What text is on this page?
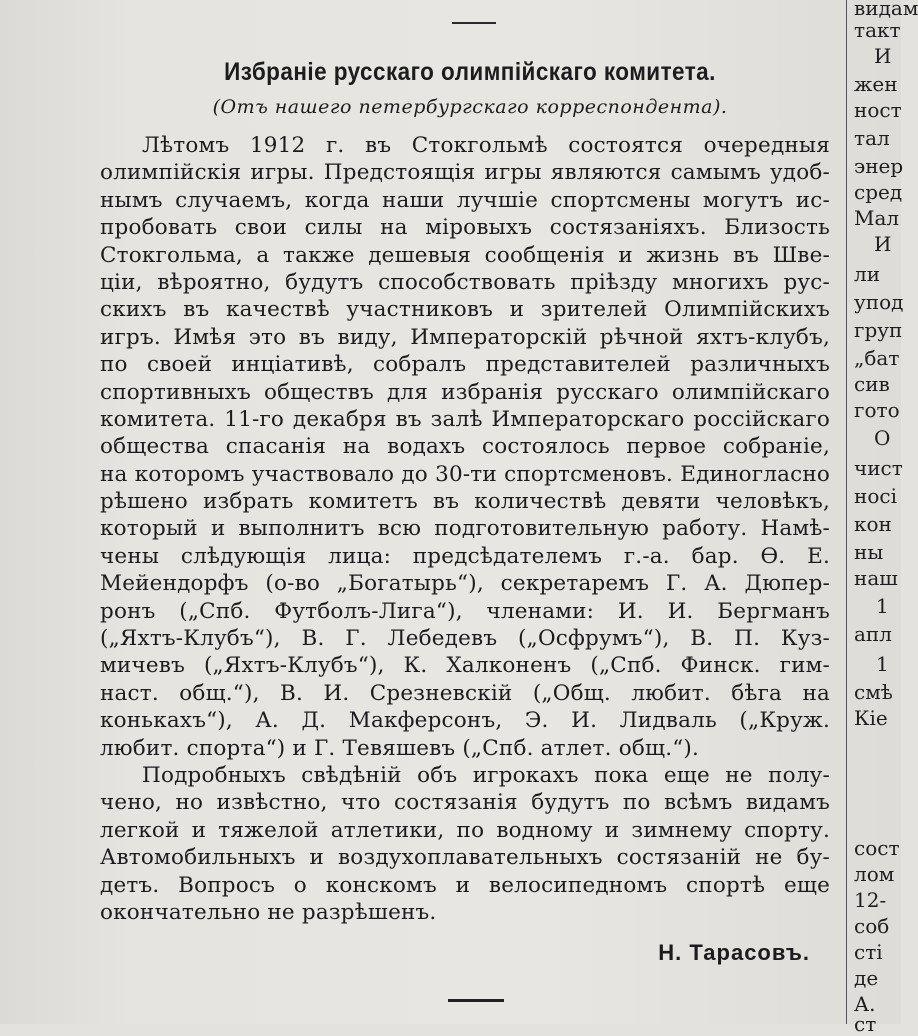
Избраніе русскаго олимпійскаго комитета.
(Отъ нашего петербургскаго корреспондента).
Лѣтомъ 1912 г. въ Стокгольмѣ состоятся очередныя
олимпійскія игры. Предстоящія игры являются самымъ удоб-
нымъ случаемъ, когда наши лучшіе спортсмены могутъ ис-
пробовать свои силы на міровыхъ состязаніяхъ. Близость
Стокгольма, а также дешевыя сообщенія и жизнь въ Шве-
ціи, вѣроятно, будутъ способствовать пріѣзду многихъ рус-
скихъ въ качествѣ участниковъ и зрителей Олимпійскихъ
игръ. Имѣя это въ виду, Императорскій рѣчной яхтъ-клубъ,
по своей инціативѣ, собралъ представителей различныхъ
спортивныхъ обществъ для избранія русскаго олимпійскаго
комитета. 11-го декабря въ залѣ Императорскаго россійскаго
общества спасанія на водахъ состоялось первое собраніе,
на которомъ участвовало до 30-ти спортсменовъ. Единогласно
рѣшено избрать комитетъ въ количествѣ девяти человѣкъ,
который и выполнитъ всю подготовительную работу. Намѣ-
чены слѣдующія лица: предсѣдателемъ г.-а. бар. Ѳ. Е.
Мейендорфъ (о-во „Богатырь“), секретаремъ Г. А. Дюпер-
ронъ („Спб. Футболъ-Лига“), членами: И. И. Бергманъ
(„Яхтъ-Клубъ“), В. Г. Лебедевъ („Осфрумъ“), В. П. Куз-
мичевъ („Яхтъ-Клубъ“), К. Халконенъ („Спб. Финск. гим-
наст. общ.“), В. И. Срезневскій („Общ. любит. бѣга на
конькахъ“), А. Д. Макферсонъ, Э. И. Лидваль („Круж.
любит. спорта“) и Г. Тевяшевъ („Спб. атлет. общ.“).
Подробныхъ свѣдѣній объ игрокахъ пока еще не полу-
чено, но извѣстно, что состязанія будутъ по всѣмъ видамъ
легкой и тяжелой атлетики, по водному и зимнему спорту.
Автомобильныхъ и воздухоплавательныхъ состязаній не бу-
детъ. Вопросъ о конскомъ и велосипедномъ спортѣ еще
окончательно не разрѣшенъ.
Н. Тарасовъ.
видам
такт
И
жен
ност
тал
энер
сред
Мал
И
ли
упод
груп
„бат
сив
гото
О
чист
носі
кон
ны
наш
1
апл
1
смѣ
Кіе
сост
лом
12-
соб
сті
де
А.
ст
